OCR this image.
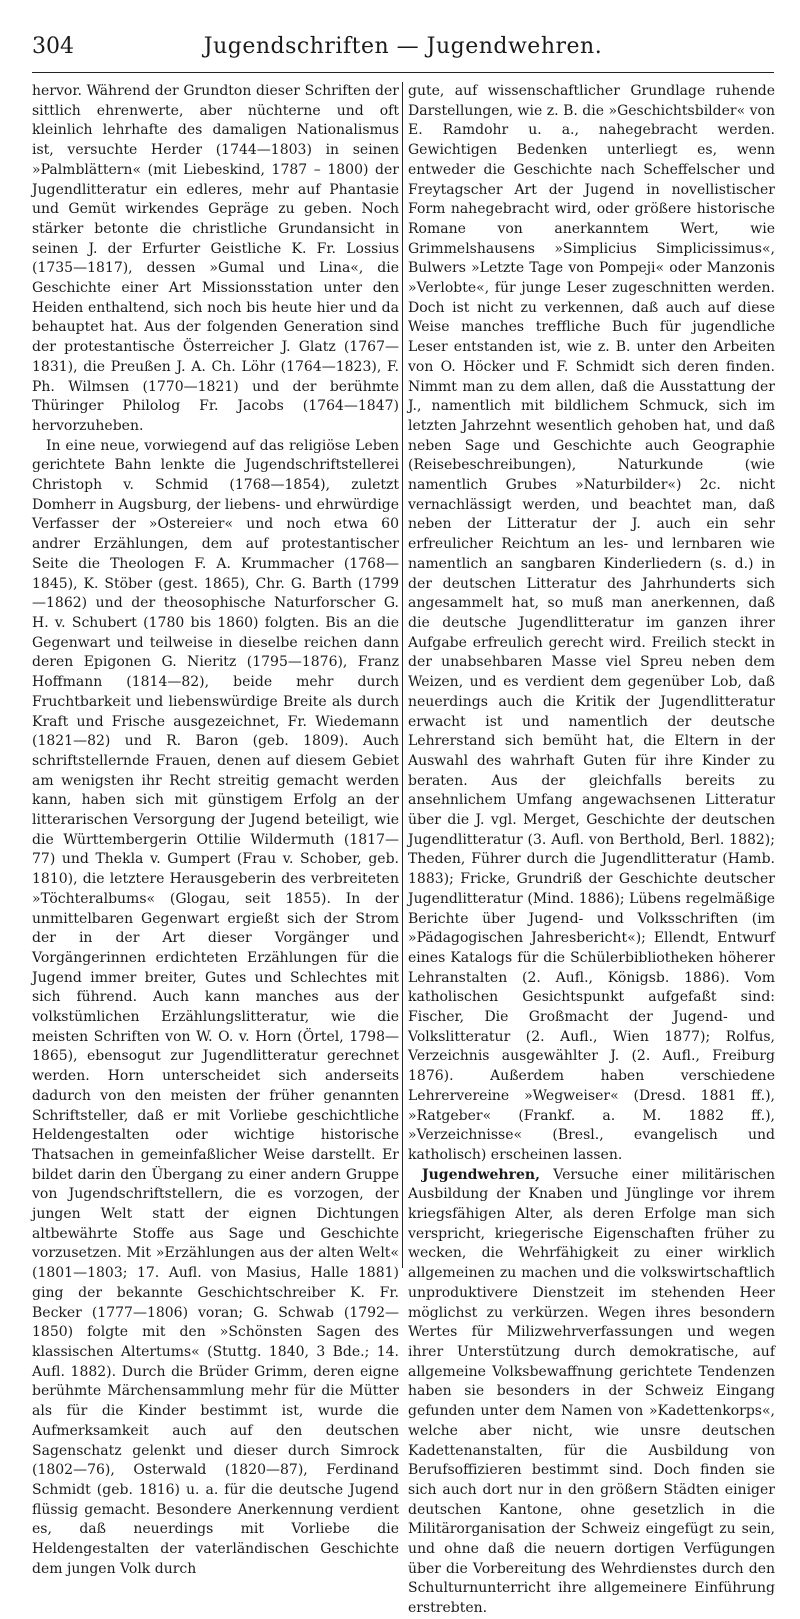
304	Jugendschriften — Jugendwehren.

hervor. Während der Grundton dieser Schriften der sittlich ehrenwerte, aber nüchterne und oft kleinlich lehrhafte des damaligen Nationalismus ist, versuchte Herder (1744—1803) in seinen »Palmblättern« (mit Liebeskind, 1787 – 1800) der Jugendlitteratur ein edleres, mehr auf Phantasie und Gemüt wirkendes Gepräge zu geben. Noch stärker betonte die christliche Grundansicht in seinen J. der Erfurter Geistliche K. Fr. Lossius (1735—1817), dessen »Gumal und Lina«, die Geschichte einer Art Missionsstation unter den Heiden enthaltend, sich noch bis heute hier und da behauptet hat. Aus der folgenden Generation sind der protestantische Österreicher J. Glatz (1767—1831), die Preußen J. A. Ch. Löhr (1764—1823), F. Ph. Wilmsen (1770—1821) und der berühmte Thüringer Philolog Fr. Jacobs (1764—1847) hervorzuheben.

In eine neue, vorwiegend auf das religiöse Leben gerichtete Bahn lenkte die Jugendschriftstellerei Christoph v. Schmid (1768—1854), zuletzt Domherr in Augsburg, der liebens- und ehrwürdige Verfasser der »Ostereier« und noch etwa 60 andrer Erzählungen, dem auf protestantischer Seite die Theologen F. A. Krummacher (1768—1845), K. Stöber (gest. 1865), Chr. G. Barth (1799—1862) und der theosophische Naturforscher G. H. v. Schubert (1780 bis 1860) folgten. Bis an die Gegenwart und teilweise in dieselbe reichen dann deren Epigonen G. Nieritz (1795—1876), Franz Hoffmann (1814—82), beide mehr durch Fruchtbarkeit und liebenswürdige Breite als durch Kraft und Frische ausgezeichnet, Fr. Wiedemann (1821—82) und R. Baron (geb. 1809). Auch schriftstellernde Frauen, denen auf diesem Gebiet am wenigsten ihr Recht streitig gemacht werden kann, haben sich mit günstigem Erfolg an der litterarischen Versorgung der Jugend beteiligt, wie die Württembergerin Ottilie Wildermuth (1817—77) und Thekla v. Gumpert (Frau v. Schober, geb. 1810), die letztere Herausgeberin des verbreiteten »Töchteralbums« (Glogau, seit 1855). In der unmittelbaren Gegenwart ergießt sich der Strom der in der Art dieser Vorgänger und Vorgängerinnen erdichteten Erzählungen für die Jugend immer breiter, Gutes und Schlechtes mit sich führend. Auch kann manches aus der volkstümlichen Erzählungslitteratur, wie die meisten Schriften von W. O. v. Horn (Örtel, 1798—1865), ebensogut zur Jugendlitteratur gerechnet werden. Horn unterscheidet sich anderseits dadurch von den meisten der früher genannten Schriftsteller, daß er mit Vorliebe geschichtliche Heldengestalten oder wichtige historische Thatsachen in gemeinfaßlicher Weise darstellt. Er bildet darin den Übergang zu einer andern Gruppe von Jugendschriftstellern, die es vorzogen, der jungen Welt statt der eignen Dichtungen altbewährte Stoffe aus Sage und Geschichte vorzusetzen. Mit »Erzählungen aus der alten Welt« (1801—1803; 17. Aufl. von Masius, Halle 1881) ging der bekannte Geschichtschreiber K. Fr. Becker (1777—1806) voran; G. Schwab (1792—1850) folgte mit den »Schönsten Sagen des klassischen Altertums« (Stuttg. 1840, 3 Bde.; 14. Aufl. 1882). Durch die Brüder Grimm, deren eigne berühmte Märchensammlung mehr für die Mütter als für die Kinder bestimmt ist, wurde die Aufmerksamkeit auch auf den deutschen Sagenschatz gelenkt und dieser durch Simrock (1802—76), Osterwald (1820—87), Ferdinand Schmidt (geb. 1816) u. a. für die deutsche Jugend flüssig gemacht. Besondere Anerkennung verdient es, daß neuerdings mit Vorliebe die Heldengestalten der vaterländischen Geschichte dem jungen Volk durch

gute, auf wissenschaftlicher Grundlage ruhende Darstellungen, wie z. B. die »Geschichtsbilder« von E. Ramdohr u. a., nahegebracht werden. Gewichtigen Bedenken unterliegt es, wenn entweder die Geschichte nach Scheffelscher und Freytagscher Art der Jugend in novellistischer Form nahegebracht wird, oder größere historische Romane von anerkanntem Wert, wie Grimmelshausens »Simplicius Simplicissimus«, Bulwers »Letzte Tage von Pompeji« oder Manzonis »Verlobte«, für junge Leser zugeschnitten werden. Doch ist nicht zu verkennen, daß auch auf diese Weise manches treffliche Buch für jugendliche Leser entstanden ist, wie z. B. unter den Arbeiten von O. Höcker und F. Schmidt sich deren finden. Nimmt man zu dem allen, daß die Ausstattung der J., namentlich mit bildlichem Schmuck, sich im letzten Jahrzehnt wesentlich gehoben hat, und daß neben Sage und Geschichte auch Geographie (Reisebeschreibungen), Naturkunde (wie namentlich Grubes »Naturbilder«) 2c. nicht vernachlässigt werden, und beachtet man, daß neben der Litteratur der J. auch ein sehr erfreulicher Reichtum an les- und lernbaren wie namentlich an sangbaren Kinderliedern (s. d.) in der deutschen Litteratur des Jahrhunderts sich angesammelt hat, so muß man anerkennen, daß die deutsche Jugendlitteratur im ganzen ihrer Aufgabe erfreulich gerecht wird. Freilich steckt in der unabsehbaren Masse viel Spreu neben dem Weizen, und es verdient dem gegenüber Lob, daß neuerdings auch die Kritik der Jugendlitteratur erwacht ist und namentlich der deutsche Lehrerstand sich bemüht hat, die Eltern in der Auswahl des wahrhaft Guten für ihre Kinder zu beraten. Aus der gleichfalls bereits zu ansehnlichem Umfang angewachsenen Litteratur über die J. vgl. Merget, Geschichte der deutschen Jugendlitteratur (3. Aufl. von Berthold, Berl. 1882); Theden, Führer durch die Jugendlitteratur (Hamb. 1883); Fricke, Grundriß der Geschichte deutscher Jugendlitteratur (Mind. 1886); Lübens regelmäßige Berichte über Jugend- und Volksschriften (im »Pädagogischen Jahresbericht«); Ellendt, Entwurf eines Katalogs für die Schülerbibliotheken höherer Lehranstalten (2. Aufl., Königsb. 1886). Vom katholischen Gesichtspunkt aufgefaßt sind: Fischer, Die Großmacht der Jugend- und Volkslitteratur (2. Aufl., Wien 1877); Rolfus, Verzeichnis ausgewählter J. (2. Aufl., Freiburg 1876). Außerdem haben verschiedene Lehrervereine »Wegweiser« (Dresd. 1881 ff.), »Ratgeber« (Frankf. a. M. 1882 ff.), »Verzeichnisse« (Bresl., evangelisch und katholisch) erscheinen lassen.

Jugendwehren, Versuche einer militärischen Ausbildung der Knaben und Jünglinge vor ihrem kriegsfähigen Alter, als deren Erfolge man sich verspricht, kriegerische Eigenschaften früher zu wecken, die Wehrfähigkeit zu einer wirklich allgemeinen zu machen und die volkswirtschaftlich unproduktivere Dienstzeit im stehenden Heer möglichst zu verkürzen. Wegen ihres besondern Wertes für Milizwehrverfassungen und wegen ihrer Unterstützung durch demokratische, auf allgemeine Volksbewaffnung gerichtete Tendenzen haben sie besonders in der Schweiz Eingang gefunden unter dem Namen von »Kadettenkorps«, welche aber nicht, wie unsre deutschen Kadettenanstalten, für die Ausbildung von Berufsoffizieren bestimmt sind. Doch finden sie sich auch dort nur in den größern Städten einiger deutschen Kantone, ohne gesetzlich in die Militärorganisation der Schweiz eingefügt zu sein, und ohne daß die neuern dortigen Verfügungen über die Vorbereitung des Wehrdienstes durch den Schulturnunterricht ihre allgemeinere Einführung erstrebten.
